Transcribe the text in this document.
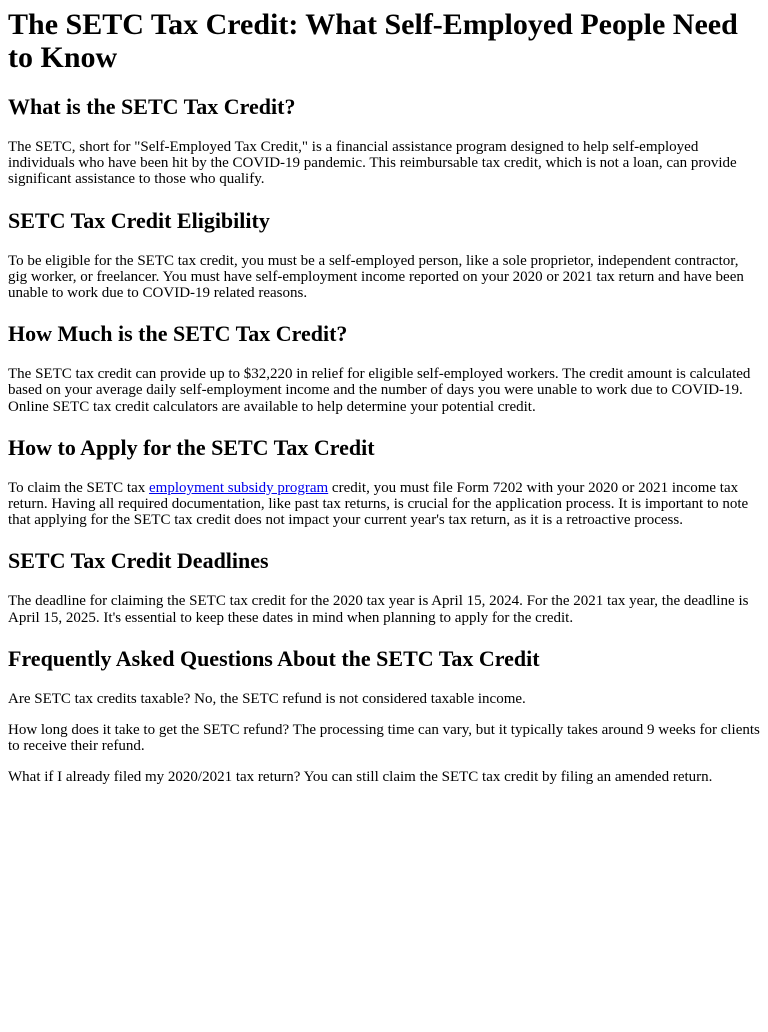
The SETC Tax Credit: What Self-Employed People Need to Know
What is the SETC Tax Credit?

The SETC, short for "Self-Employed Tax Credit," is a financial assistance program designed to help self-employed individuals who have been hit by the COVID-19 pandemic. This reimbursable tax credit, which is not a loan, can provide significant assistance to those who qualify.

SETC Tax Credit Eligibility

To be eligible for the SETC tax credit, you must be a self-employed person, like a sole proprietor, independent contractor, gig worker, or freelancer. You must have self-employment income reported on your 2020 or 2021 tax return and have been unable to work due to COVID-19 related reasons.

How Much is the SETC Tax Credit?

The SETC tax credit can provide up to $32,220 in relief for eligible self-employed workers. The credit amount is calculated based on your average daily self-employment income and the number of days you were unable to work due to COVID-19. Online SETC tax credit calculators are available to help determine your potential credit.

How to Apply for the SETC Tax Credit

To claim the SETC tax employment subsidy program credit, you must file Form 7202 with your 2020 or 2021 income tax return. Having all required documentation, like past tax returns, is crucial for the application process. It is important to note that applying for the SETC tax credit does not impact your current year's tax return, as it is a retroactive process.

SETC Tax Credit Deadlines

The deadline for claiming the SETC tax credit for the 2020 tax year is April 15, 2024. For the 2021 tax year, the deadline is April 15, 2025. It's essential to keep these dates in mind when planning to apply for the credit.

Frequently Asked Questions About the SETC Tax Credit

Are SETC tax credits taxable? No, the SETC refund is not considered taxable income.

How long does it take to get the SETC refund? The processing time can vary, but it typically takes around 9 weeks for clients to receive their refund.

What if I already filed my 2020/2021 tax return? You can still claim the SETC tax credit by filing an amended return.
